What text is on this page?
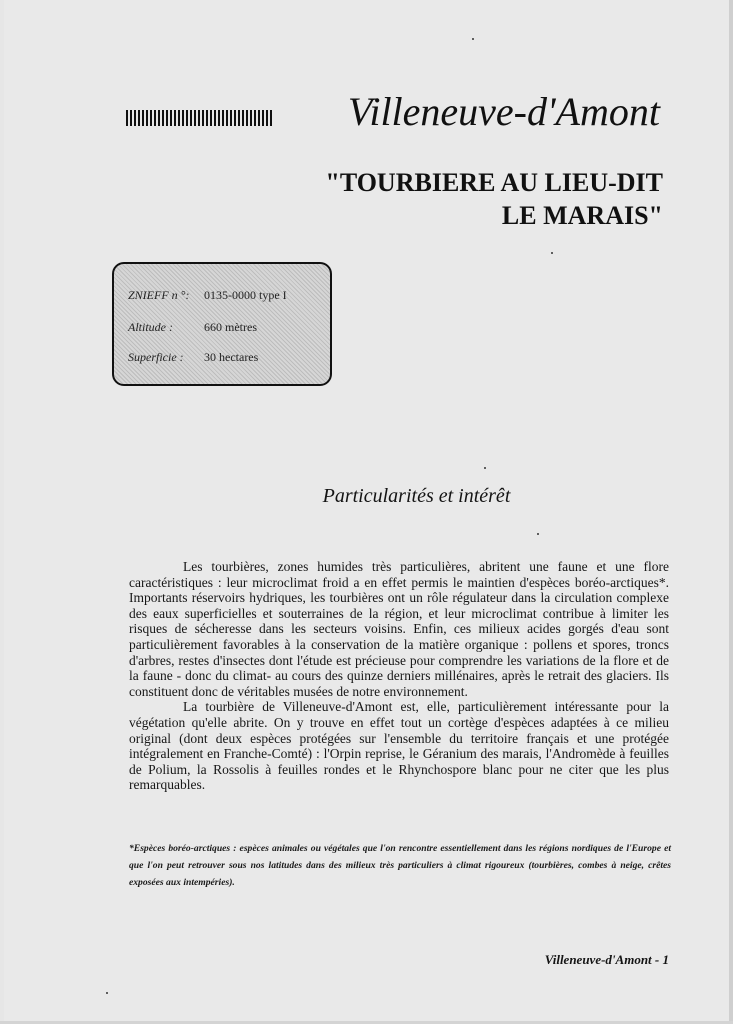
Villeneuve-d'Amont
"TOURBIERE AU LIEU-DIT
LE MARAIS"
ZNIEFF n °: 0135-0000 type I
Altitude :	660 mètres
Superficie : 30 hectares
Particularités et intérêt

Les tourbières, zones humides très particulières, abritent une faune et une flore caractéristiques : leur microclimat froid a en effet permis le maintien d'espèces boréo-arctiques*. Importants réservoirs hydriques, les tourbières ont un rôle régulateur dans la circulation complexe des eaux superficielles et souterraines de la région, et leur microclimat contribue à limiter les risques de sécheresse dans les secteurs voisins. Enfin, ces milieux acides gorgés d'eau sont particulièrement favorables à la conservation de la matière organique : pollens et spores, troncs d'arbres, restes d'insectes dont l'étude est précieuse pour comprendre les variations de la flore et de la faune - donc du climat- au cours des quinze derniers millénaires, après le retrait des glaciers. Ils constituent donc de véritables musées de notre environnement.

La tourbière de Villeneuve-d'Amont est, elle, particulièrement intéressante pour la végétation qu'elle abrite. On y trouve en effet tout un cortège d'espèces adaptées à ce milieu original (dont deux espèces protégées sur l'ensemble du territoire français et une protégée intégralement en Franche-Comté) : l'Orpin reprise, le Géranium des marais, l'Andromède à feuilles de Polium, la Rossolis à feuilles rondes et le Rhynchospore blanc pour ne citer que les plus remarquables.

*Espèces boréo-arctiques : espèces animales ou végétales que l'on rencontre essentiellement dans les régions nordiques de l'Europe et que l'on peut retrouver sous nos latitudes dans des milieux très particuliers à climat rigoureux (tourbières, combes à neige, crêtes exposées aux intempéries).
Villeneuve-d'Amont - 1
